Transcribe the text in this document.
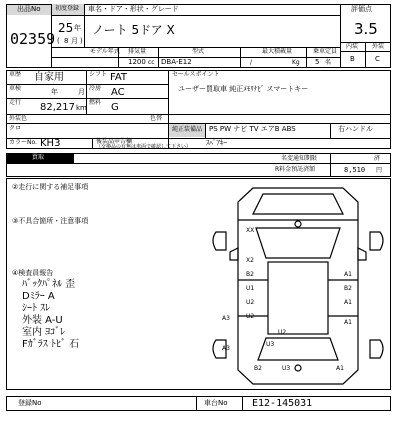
出品No
02359
初度登録
25 年
( 8 月 )
車名・ドア・形状・グレード
ノート 5ドア X
モデル年式 排気量	型式	最大積載量	乗車定員
1200 cc DBA-E12	/	Kg 5 名
評価点
3.5
内装 外装
B	C
車歴 自家用	シフト FAT
車検	年	月 冷房 AC
走行 82,217 km
燃料 G
外装色
クロ
色替
カラーNo. KH3	後装品申告欄
（交換品の有無は車両で確認して下さい） ｽﾍﾟｱｷｰ
セールスポイント
ユーザー買取車 純正ﾒﾓﾘﾅﾋﾞ スマートキー
純正装備品 PS PW ナビ TV エアB ABS	右ハンドル
買取	名変通知期限	済
R料金預託済額	8,510 円
②走行に関する補足事項
③不具合箇所・注意事項
④検査員報告
ﾊﾞｯｸﾊﾟﾈﾙ 歪
Dﾐﾗｰ A
ｼｰﾄ ｽﾚ
外装 A-U
室内 ﾖｺﾞﾚ
Fｶﾞﾗｽ ﾄﾋﾞ 石
XX
X2
B2	A1
U1	B2
A1
U2
U2
A3
A1
A3
U2
U3
B2	U3	A1
登録No	車台No E12-145031
